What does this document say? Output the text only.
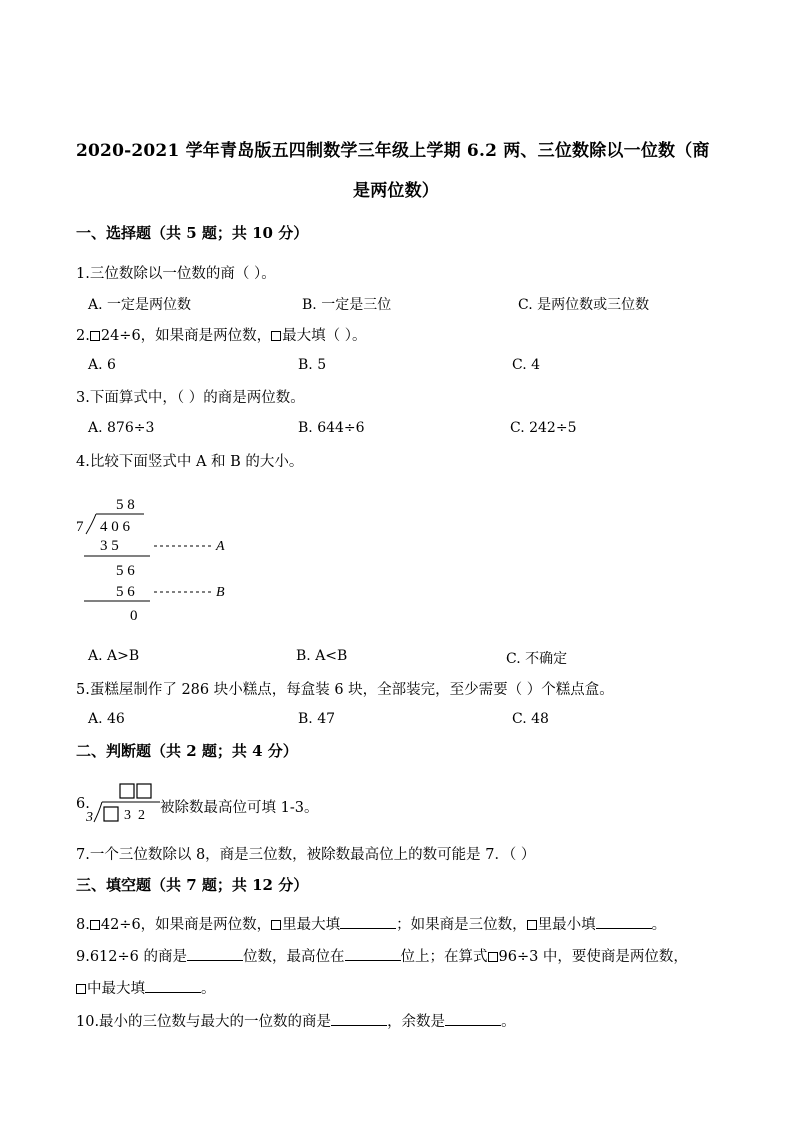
2020-2021 学年青岛版五四制数学三年级上学期 6.2 两、三位数除以一位数（商
是两位数）
一、选择题（共 5 题；共 10 分）
1.三位数除以一位数的商（ ）。
A. 一定是两位数	B. 一定是三位	C. 是两位数或三位数
2. 24÷6，如果商是两位数， 最大填（ ）。
A. 6	B. 5	C. 4
3.下面算式中，（ ）的商是两位数。
A. 876÷3	B. 644÷6	C. 242÷5
4.比较下面竖式中 A 和 B 的大小。
5 8
7 4 0 6
3 5	A
5 6
5 6	B
0
A. A>B	B. A<B	C. 不确定
5.蛋糕屋制作了 286 块小糕点，每盒装 6 块，全部装完，至少需要（ ）个糕点盒。
A. 46	B. 47	C. 48
二、判断题（共 2 题；共 4 分）
6.
3 3  2 被除数最高位可填 1-3。
7.一个三位数除以 8，商是三位数，被除数最高位上的数可能是 7．（ ）
三、填空题（共 7 题；共 12 分）
8. 42÷6，如果商是两位数， 里最大填	；如果商是三位数， 里最小填	。
9.612÷6 的商是	位数，最高位在	位上；在算式 96÷3 中，要使商是两位数，
中最大填	。
10.最小的三位数与最大的一位数的商是	，余数是	。
